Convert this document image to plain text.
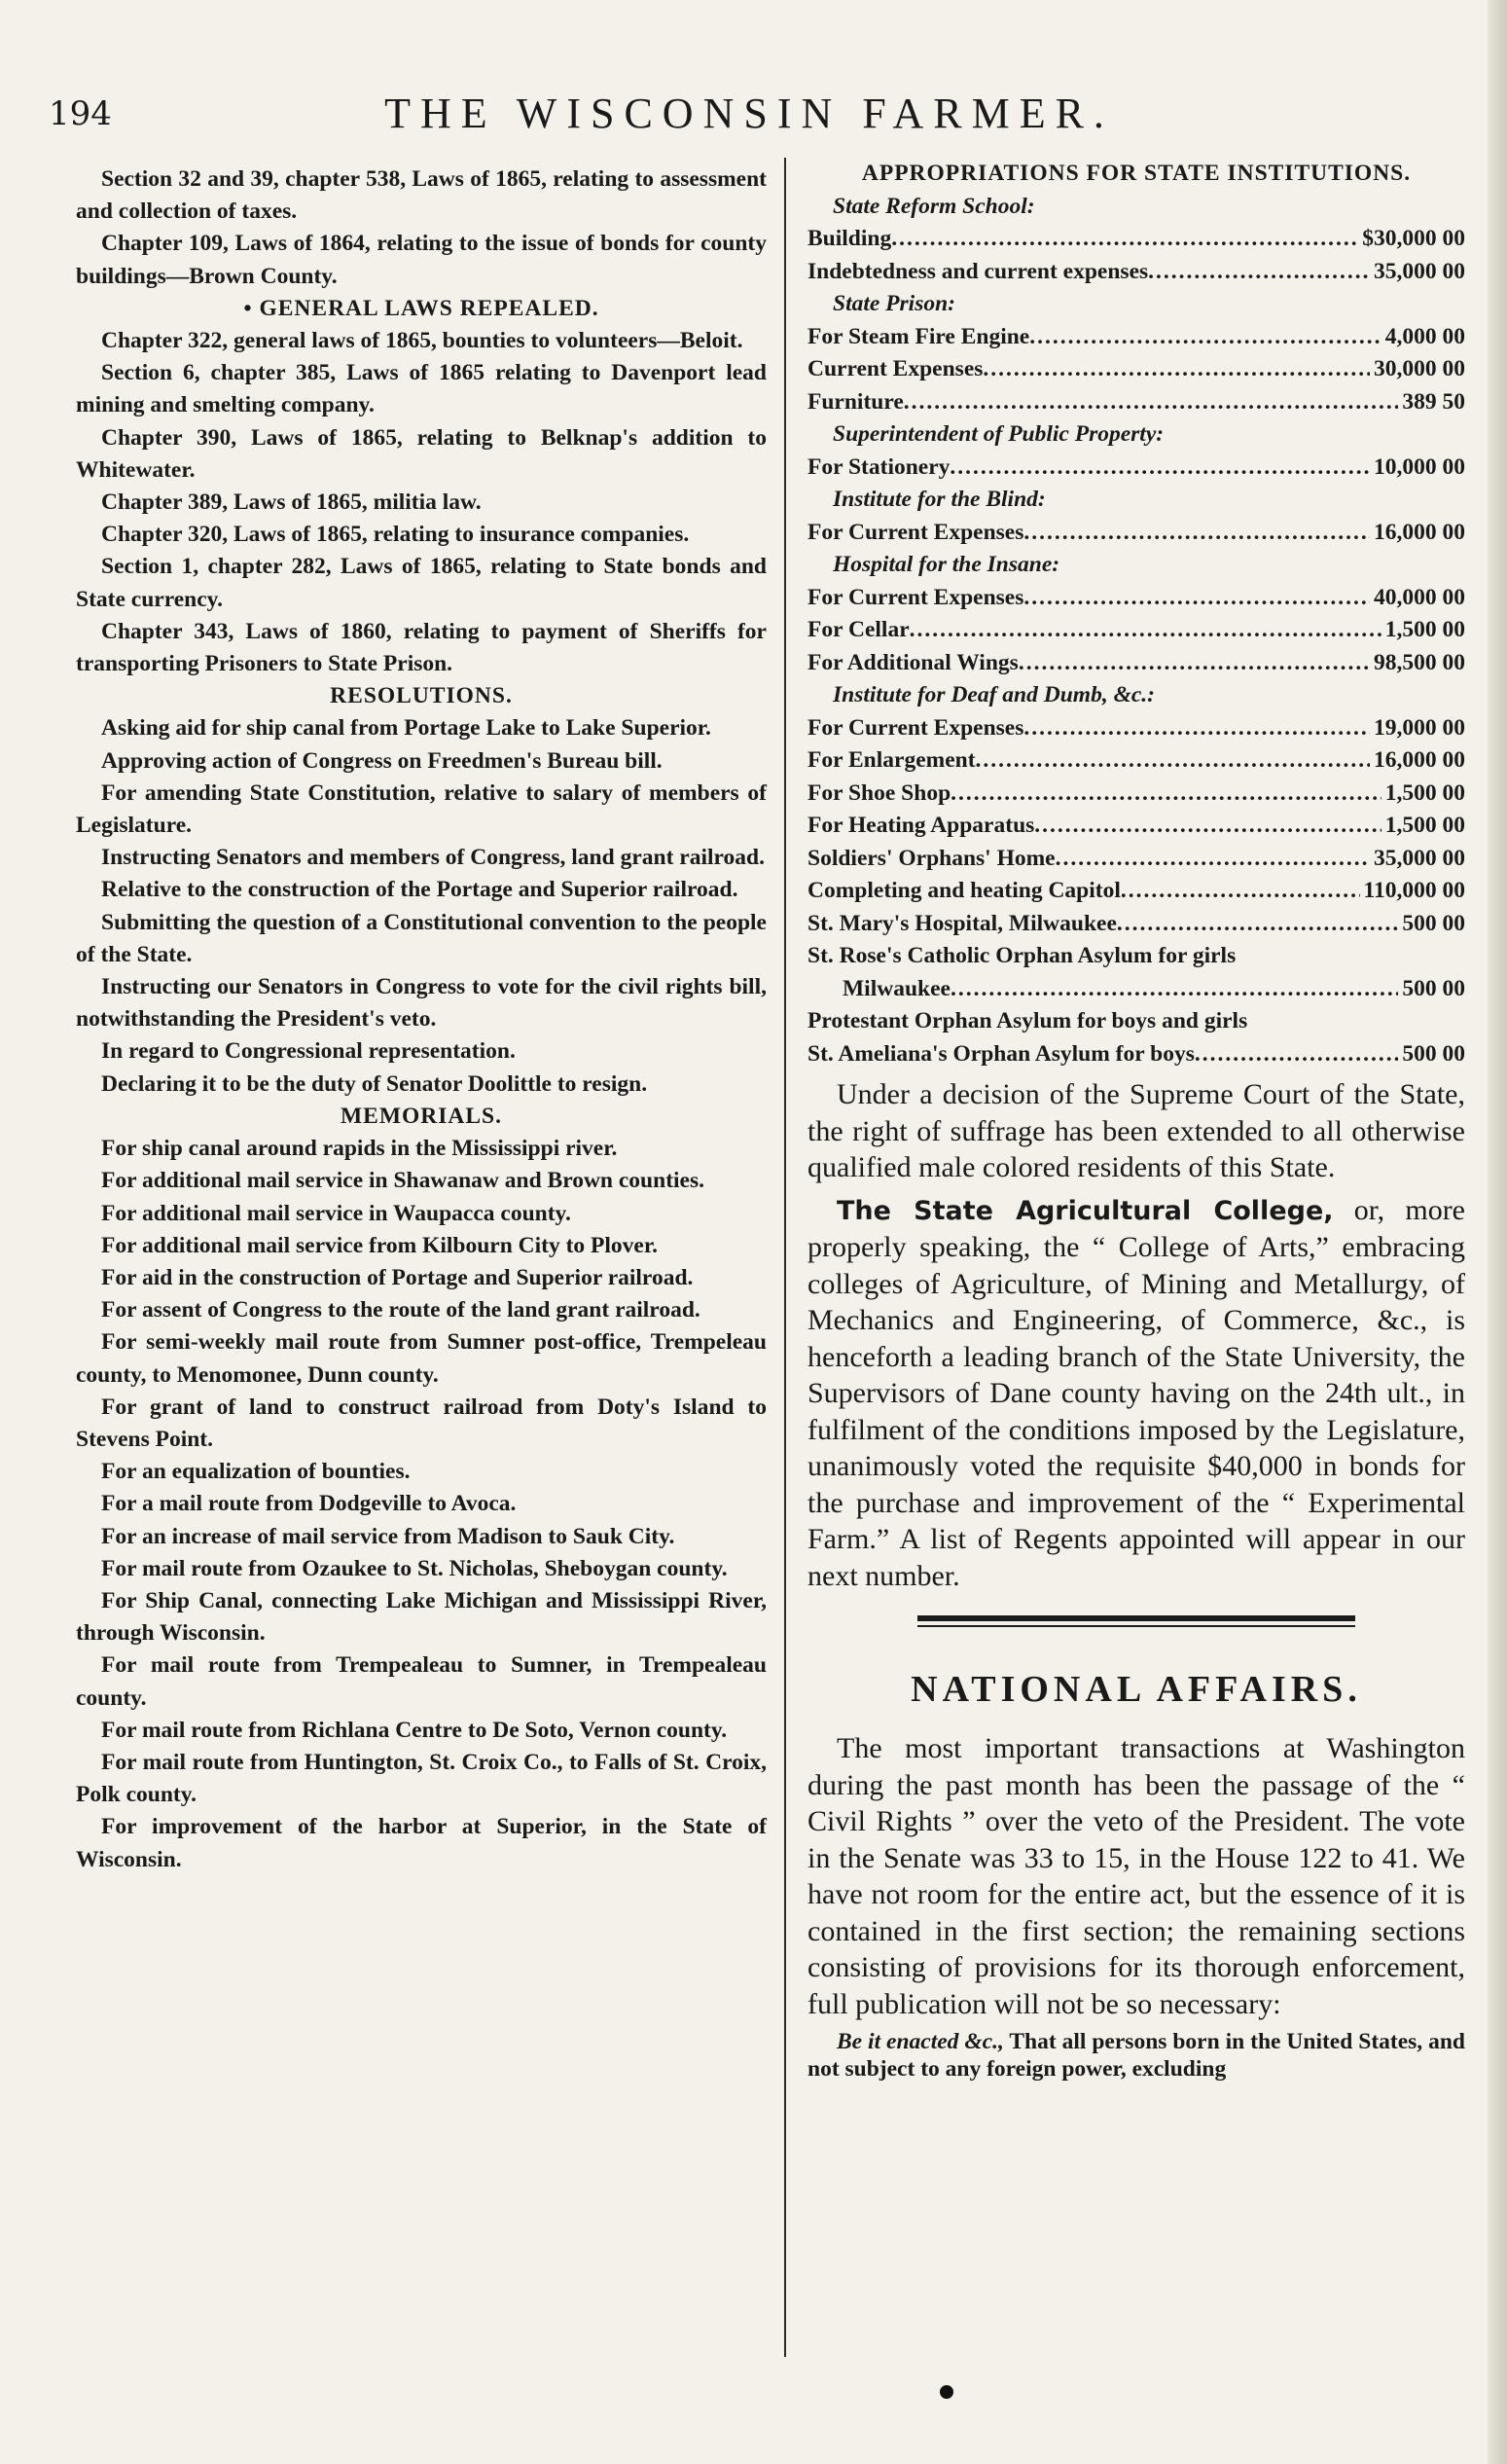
194	THE WISCONSIN FARMER.

Section 32 and 39, chapter 538, Laws of 1865, relating to assessment and collection of taxes.

Chapter 109, Laws of 1864, relating to the issue of bonds for county buildings—Brown County.

• GENERAL LAWS REPEALED.

Chapter 322, general laws of 1865, bounties to volunteers—Beloit.

Section 6, chapter 385, Laws of 1865 relating to Davenport lead mining and smelting company.

Chapter 390, Laws of 1865, relating to Belknap's addition to Whitewater.

Chapter 389, Laws of 1865, militia law.

Chapter 320, Laws of 1865, relating to insurance companies.

Section 1, chapter 282, Laws of 1865, relating to State bonds and State currency.

Chapter 343, Laws of 1860, relating to payment of Sheriffs for transporting Prisoners to State Prison.

RESOLUTIONS.

Asking aid for ship canal from Portage Lake to Lake Superior.

Approving action of Congress on Freedmen's Bureau bill.

For amending State Constitution, relative to salary of members of Legislature.

Instructing Senators and members of Congress, land grant railroad.

Relative to the construction of the Portage and Superior railroad.

Submitting the question of a Constitutional convention to the people of the State.

Instructing our Senators in Congress to vote for the civil rights bill, notwithstanding the President's veto.

In regard to Congressional representation.

Declaring it to be the duty of Senator Doolittle to resign.

MEMORIALS.

For ship canal around rapids in the Mississippi river.

For additional mail service in Shawanaw and Brown counties.

For additional mail service in Waupacca county.

For additional mail service from Kilbourn City to Plover.

For aid in the construction of Portage and Superior railroad.

For assent of Congress to the route of the land grant railroad.

For semi-weekly mail route from Sumner post-office, Trempeleau county, to Menomonee, Dunn county.

For grant of land to construct railroad from Doty's Island to Stevens Point.

For an equalization of bounties.

For a mail route from Dodgeville to Avoca.

For an increase of mail service from Madison to Sauk City.

For mail route from Ozaukee to St. Nicholas, Sheboygan county.

For Ship Canal, connecting Lake Michigan and Mississippi River, through Wisconsin.

For mail route from Trempealeau to Sumner, in Trempealeau county.

For mail route from Richlana Centre to De Soto, Vernon county.

For mail route from Huntington, St. Croix Co., to Falls of St. Croix, Polk county.

For improvement of the harbor at Superior, in the State of Wisconsin.

APPROPRIATIONS FOR STATE INSTITUTIONS.
State Reform School:
Building .....	$30,000 00
Indebtedness and current expenses .....	35,000 00
State Prison:
For Steam Fire Engine .....	4,000 00
Current Expenses .....	30,000 00
Furniture .....	389 50
Superintendent of Public Property:
For Stationery .....	10,000 00
Institute for the Blind:
For Current Expenses .....	16,000 00
Hospital for the Insane:
For Current Expenses .....	40,000 00
For Cellar .....	1,500 00
For Additional Wings .....	98,500 00
Institute for Deaf and Dumb, &c.:
For Current Expenses .....	19,000 00
For Enlargement .....	16,000 00
For Shoe Shop .....	1,500 00
For Heating Apparatus .....	1,500 00
Soldiers' Orphans' Home .....	35,000 00
Completing and heating Capitol .....	110,000 00
St. Mary's Hospital, Milwaukee .....	500 00
St. Rose's Catholic Orphan Asylum for girls
Milwaukee .....	500 00
Protestant Orphan Asylum for boys and girls
St. Ameliana's Orphan Asylum for boys .....	500 00

Under a decision of the Supreme Court of the State, the right of suffrage has been extended to all otherwise qualified male colored residents of this State.

The State Agricultural College, or, more properly speaking, the “ College of Arts,” embracing colleges of Agriculture, of Mining and Metallurgy, of Mechanics and Engineering, of Commerce, &c., is henceforth a leading branch of the State University, the Supervisors of Dane county having on the 24th ult., in fulfilment of the conditions imposed by the Legislature, unanimously voted the requisite $40,000 in bonds for the purchase and improvement of the “ Experimental Farm.” A list of Regents appointed will appear in our next number.

NATIONAL AFFAIRS.

The most important transactions at Washington during the past month has been the passage of the “ Civil Rights ” over the veto of the President. The vote in the Senate was 33 to 15, in the House 122 to 41. We have not room for the entire act, but the essence of it is contained in the first section; the remaining sections consisting of provisions for its thorough enforcement, full publication will not be so necessary:

Be it enacted &c., That all persons born in the United States, and not subject to any foreign power, excluding
